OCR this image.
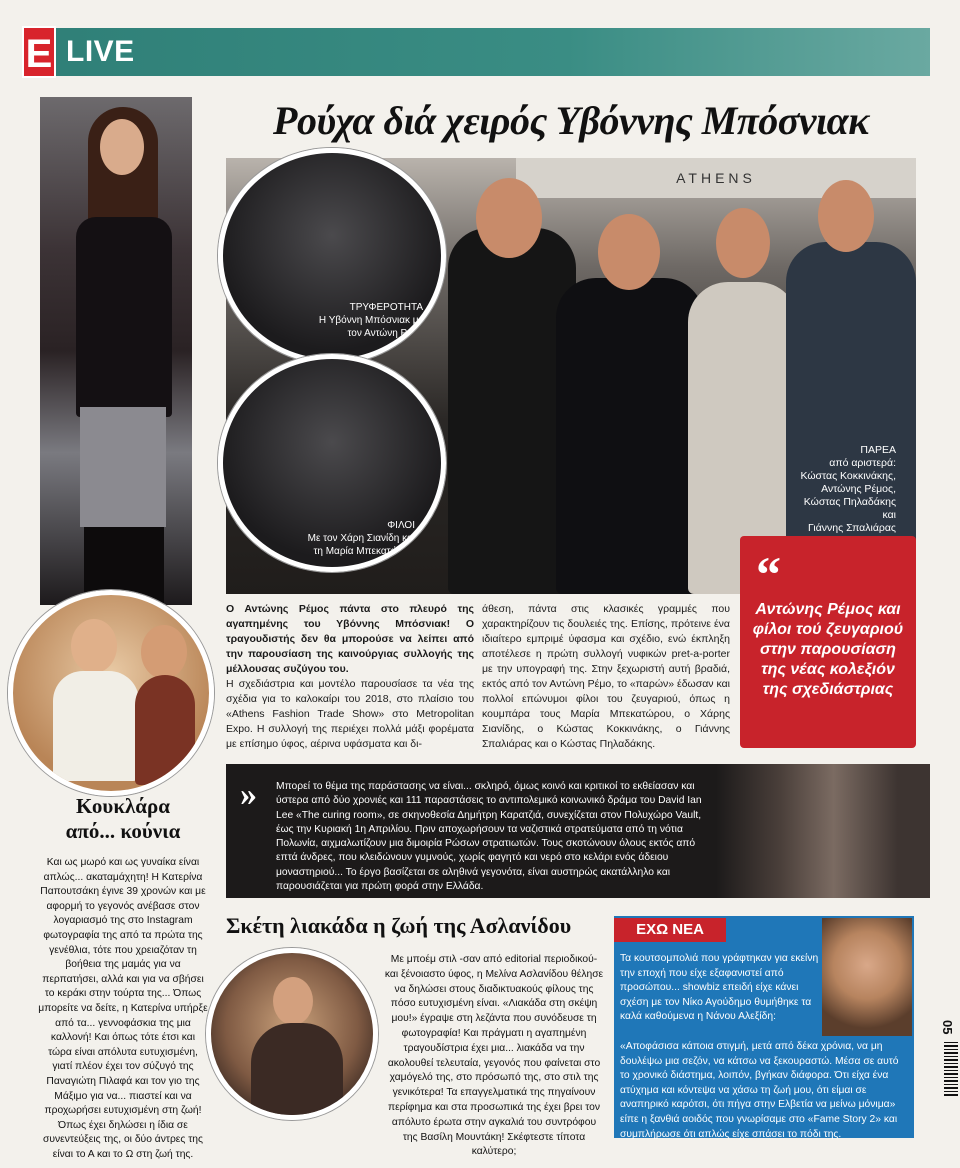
E LIVE
Ρούχα διά χειρός Υβόννης Μπόσνιακ
ATHENS
ΤΡΥΦΕΡΟΤΗΤΑ
Η Υβόννη Μπόσνιακ με
τον Αντώνη Ρέμο
ΦΙΛΟΙ
Με τον Χάρη Σιανίδη και
τη Μαρία Μπεκατώρου
ΠΑΡΕΑ
από αριστερά:
Κώστας Κοκκινάκης,
Αντώνης Ρέμος,
Κώστας Πηλαδάκης και
Γιάννης Σπαλιάρας
“
Αντώνης Ρέμος και φίλοι τού ζευγαριού στην παρουσίαση της νέας κολεξιόν της σχεδιάστριας

Ο Αντώνης Ρέμος πάντα στο πλευρό της αγαπημένης του Υβόννης Μπόσνιακ! Ο τραγουδιστής δεν θα μπορούσε να λείπει από την παρουσίαση της καινούργιας συλλογής της μέλλουσας συζύγου του.

Η σχεδιάστρια και μοντέλο παρουσίασε τα νέα της σχέδια για το καλοκαίρι του 2018, στο πλαίσιο του «Athens Fashion Trade Show» στο Metropolitan Expo. Η συλλογή της περιέχει πολλά μάξι φορέματα με επίσημο ύφος, αέρινα υφάσματα και δι-

άθεση, πάντα στις κλασικές γραμμές που χαρακτηρίζουν τις δουλειές της. Επίσης, πρότεινε ένα ιδιαίτερο εμπριμέ ύφασμα και σχέδιο, ενώ έκπληξη αποτέλεσε η πρώτη συλλογή νυφικών pret-a-porter με την υπογραφή της. Στην ξεχωριστή αυτή βραδιά, εκτός από τον Αντώνη Ρέμο, το «παρών» έδωσαν και πολλοί επώνυμοι φίλοι του ζευγαριού, όπως η κουμπάρα τους Μαρία Μπεκατώρου, ο Χάρης Σιανίδης, ο Κώστας Κοκκινάκης, ο Γιάννης Σπαλιάρας και ο Κώστας Πηλαδάκης.

Κουκλάρα
από... κούνια
Και ως μωρό και ως γυναίκα είναι απλώς... ακαταμάχητη! Η Κατερίνα Παπουτσάκη έγινε 39 χρονών και με αφορμή το γεγονός ανέβασε στον λογαριασμό της στο Instagram φωτογραφία της από τα πρώτα της γενέθλια, τότε που χρειαζόταν τη βοήθεια της μαμάς για να περπατήσει, αλλά και για να σβήσει το κεράκι στην τούρτα της... Όπως μπορείτε να δείτε, η Κατερίνα υπήρξε από τα... γεννοφάσκια της μια καλλονή! Και όπως τότε έτσι και τώρα είναι απόλυτα ευτυχισμένη, γιατί πλέον έχει τον σύζυγό της Παναγιώτη Πιλαφά και τον γιο της Μάξιμο για να... πιαστεί και να προχωρήσει ευτυχισμένη στη ζωή! Όπως έχει δηλώσει η ίδια σε συνεντεύξεις της, οι δύο άντρες της είναι το Α και το Ω στη ζωή της.
» Μπορεί το θέμα της παράστασης να είναι... σκληρό, όμως κοινό και κριτικοί το εκθείασαν και ύστερα από δύο χρονιές και 111 παραστάσεις το αντιπολεμικό κοινωνικό δράμα του David Ian Lee «The curing room», σε σκηνοθεσία Δημήτρη Καρατζιά, συνεχίζεται στον Πολυχώρο Vault, έως την Κυριακή 1η Απριλίου. Πριν αποχωρήσουν τα ναζιστικά στρατεύματα από τη νότια Πολωνία, αιχμαλωτίζουν μια διμοιρία Ρώσων στρατιωτών. Τους σκοτώνουν όλους εκτός από επτά άνδρες, που κλειδώνουν γυμνούς, χωρίς φαγητό και νερό στο κελάρι ενός άδειου μοναστηριού... Το έργο βασίζεται σε αληθινά γεγονότα, είναι αυστηρώς ακατάλληλο και παρουσιάζεται για πρώτη φορά στην Ελλάδα.
Σκέτη λιακάδα η ζωή της Ασλανίδου
Με μποέμ στιλ -σαν από editorial περιοδικού- και ξένοιαστο ύφος, η Μελίνα Ασλανίδου θέλησε να δηλώσει στους διαδικτυακούς φίλους της πόσο ευτυχισμένη είναι. «Λιακάδα στη σκέψη μου!» έγραψε στη λεζάντα που συνόδευσε τη φωτογραφία! Και πράγματι η αγαπημένη τραγουδίστρια έχει μια... λιακάδα να την ακολουθεί τελευταία, γεγονός που φαίνεται στο χαμόγελό της, στο πρόσωπό της, στο στιλ της γενικότερα! Τα επαγγελματικά της πηγαίνουν περίφημα και στα προσωπικά της έχει βρει τον απόλυτο έρωτα στην αγκαλιά του συντρόφου της Βασίλη Μουντάκη! Σκέφτεστε τίποτα καλύτερο;
ΕΧΩ ΝΕΑ
Τα κουτσομπολιά που γράφτηκαν για εκείνη την εποχή που είχε εξαφανιστεί από προσώπου... showbiz επειδή είχε κάνει σχέση με τον Νίκο Αγούδημο θυμήθηκε τα καλά καθούμενα η Νάνου Αλεξίδη:
«Αποφάσισα κάποια στιγμή, μετά από δέκα χρόνια, να μη δουλέψω μια σεζόν, να κάτσω να ξεκουραστώ. Μέσα σε αυτό το χρονικό διάστημα, λοιπόν, βγήκαν διάφορα. Ότι είχα ένα ατύχημα και κόντεψα να χάσω τη ζωή μου, ότι είμαι σε αναπηρικό καρότσι, ότι πήγα στην Ελβετία να μείνω μόνιμα» είπε η ξανθιά αοιδός που γνωρίσαμε στο «Fame Story 2» και συμπλήρωσε ότι απλώς είχε σπάσει το πόδι της.
05
